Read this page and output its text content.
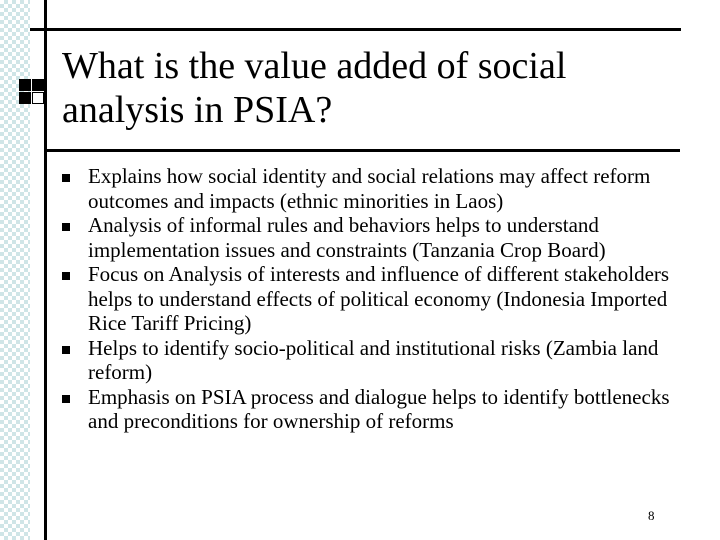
What is the value added of social
analysis in PSIA?
Explains how social identity and social relations may affect reform outcomes and impacts (ethnic minorities in Laos)
Analysis of informal rules and behaviors helps to understand implementation issues and constraints (Tanzania Crop Board)
Focus on Analysis of interests and influence of different stakeholders helps to understand effects of political economy (Indonesia Imported Rice Tariff Pricing)
Helps to identify socio-political and institutional risks (Zambia land reform)
Emphasis on PSIA process and dialogue helps to identify bottlenecks and preconditions for ownership of reforms
8
